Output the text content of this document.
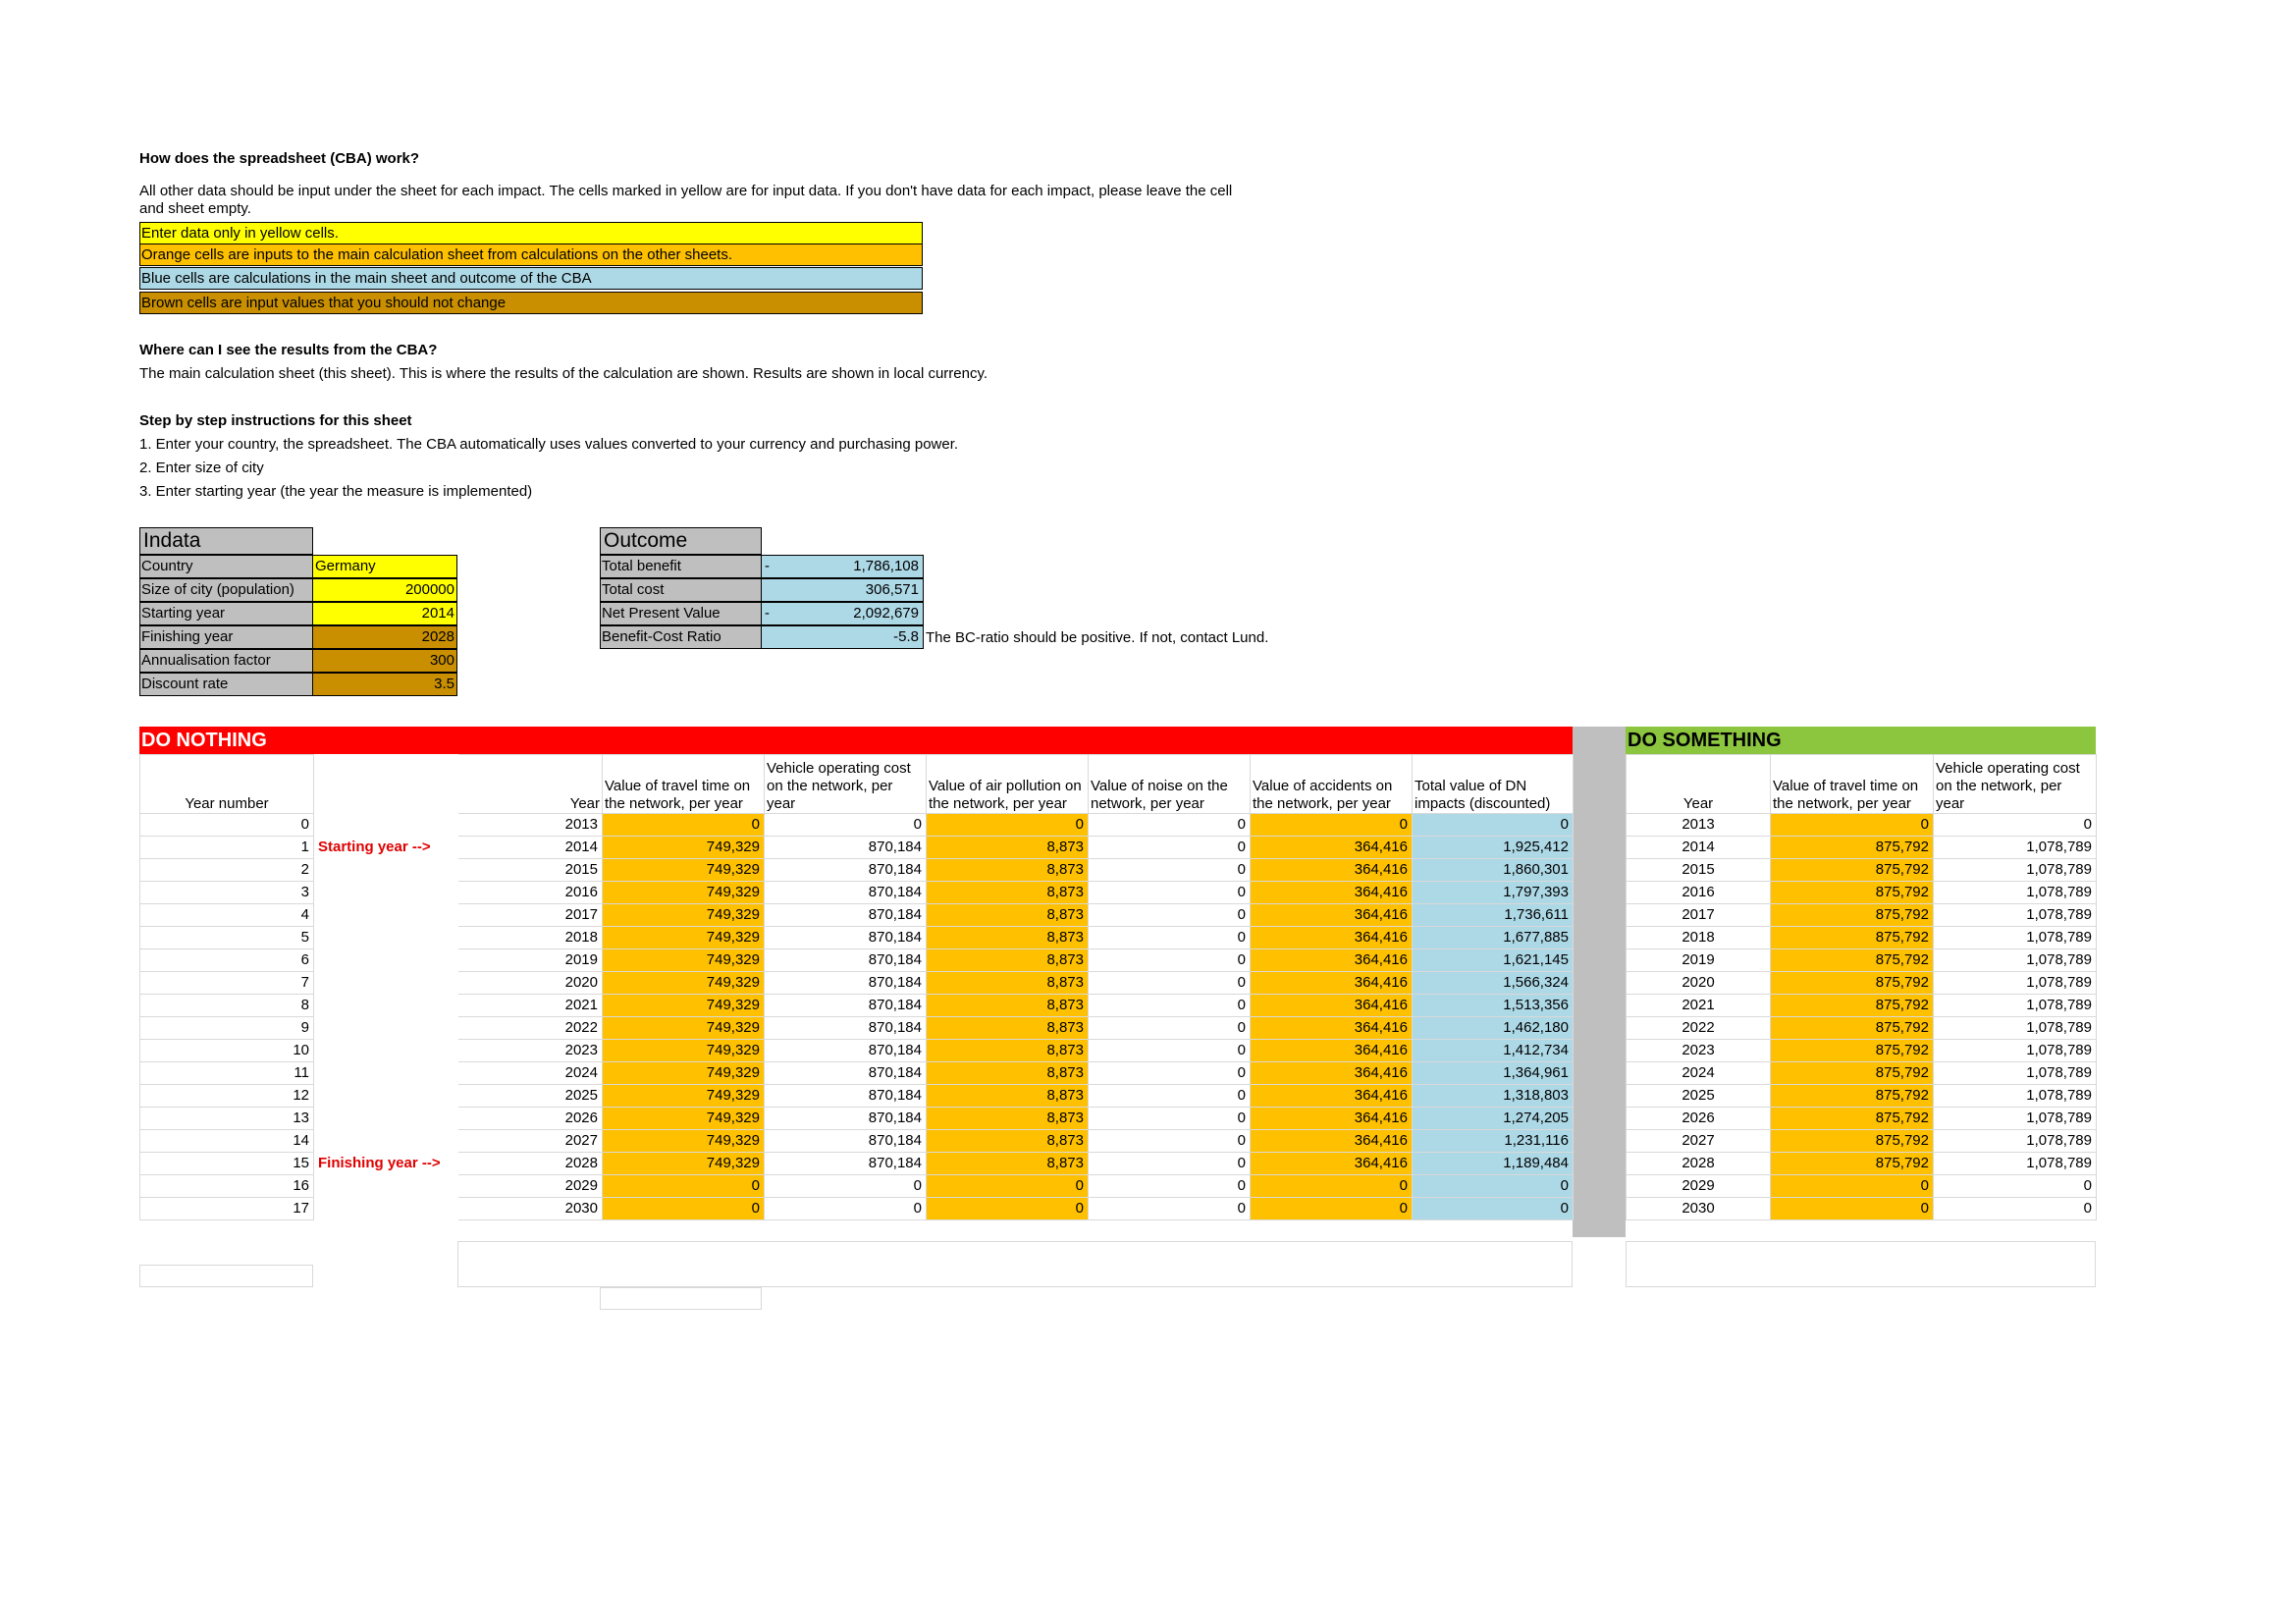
How does the spreadsheet (CBA) work?
All other data should be input under the sheet for each impact. The cells marked in yellow are for input data. If you don't have data for each impact, please leave the cell
and sheet empty.
Enter data only in yellow cells.
Orange cells are inputs to the main calculation sheet from calculations on the other sheets.
Blue cells are calculations in the main sheet and outcome of the CBA
Brown cells are input values that you should not change
Where can I see the results from the CBA?
The main calculation sheet (this sheet). This is where the results of the calculation are shown. Results are shown in local currency.
Step by step instructions for this sheet
1. Enter your country, the spreadsheet. The CBA automatically uses values converted to your currency and purchasing power.
2. Enter size of city
3. Enter starting year (the year the measure is implemented)
Indata
Country	Germany
Size of city (population)	200000
Starting year	2014
Finishing year	2028
Annualisation factor	300
Discount rate	3.5
Outcome
Total benefit	-	1,786,108
Total cost	306,571
Net Present Value	-	2,092,679
Benefit-Cost Ratio	-5.8 The BC-ratio should be positive. If not, contact Lund.
DO NOTHING	DO SOMETHING
Year number		Year	Value of travel time on the network, per year	Vehicle operating cost on the network, per year	Value of air pollution on the network, per year	Value of noise on the network, per year	Value of accidents on the network, per year	Total value of DN impacts (discounted)
0		2013	0	0	0	0	0	0
1	Starting year -->	2014	749,329	870,184	8,873	0	364,416	1,925,412
2		2015	749,329	870,184	8,873	0	364,416	1,860,301
3		2016	749,329	870,184	8,873	0	364,416	1,797,393
4		2017	749,329	870,184	8,873	0	364,416	1,736,611
5		2018	749,329	870,184	8,873	0	364,416	1,677,885
6		2019	749,329	870,184	8,873	0	364,416	1,621,145
7		2020	749,329	870,184	8,873	0	364,416	1,566,324
8		2021	749,329	870,184	8,873	0	364,416	1,513,356
9		2022	749,329	870,184	8,873	0	364,416	1,462,180
10		2023	749,329	870,184	8,873	0	364,416	1,412,734
11		2024	749,329	870,184	8,873	0	364,416	1,364,961
12		2025	749,329	870,184	8,873	0	364,416	1,318,803
13		2026	749,329	870,184	8,873	0	364,416	1,274,205
14		2027	749,329	870,184	8,873	0	364,416	1,231,116
15	Finishing year -->	2028	749,329	870,184	8,873	0	364,416	1,189,484
16		2029	0	0	0	0	0	0
17		2030	0	0	0	0	0	0
Year	Value of travel time on the network, per year	Vehicle operating cost on the network, per year
2013	0	0
2014	875,792	1,078,789
2015	875,792	1,078,789
2016	875,792	1,078,789
2017	875,792	1,078,789
2018	875,792	1,078,789
2019	875,792	1,078,789
2020	875,792	1,078,789
2021	875,792	1,078,789
2022	875,792	1,078,789
2023	875,792	1,078,789
2024	875,792	1,078,789
2025	875,792	1,078,789
2026	875,792	1,078,789
2027	875,792	1,078,789
2028	875,792	1,078,789
2029	0	0
2030	0	0
